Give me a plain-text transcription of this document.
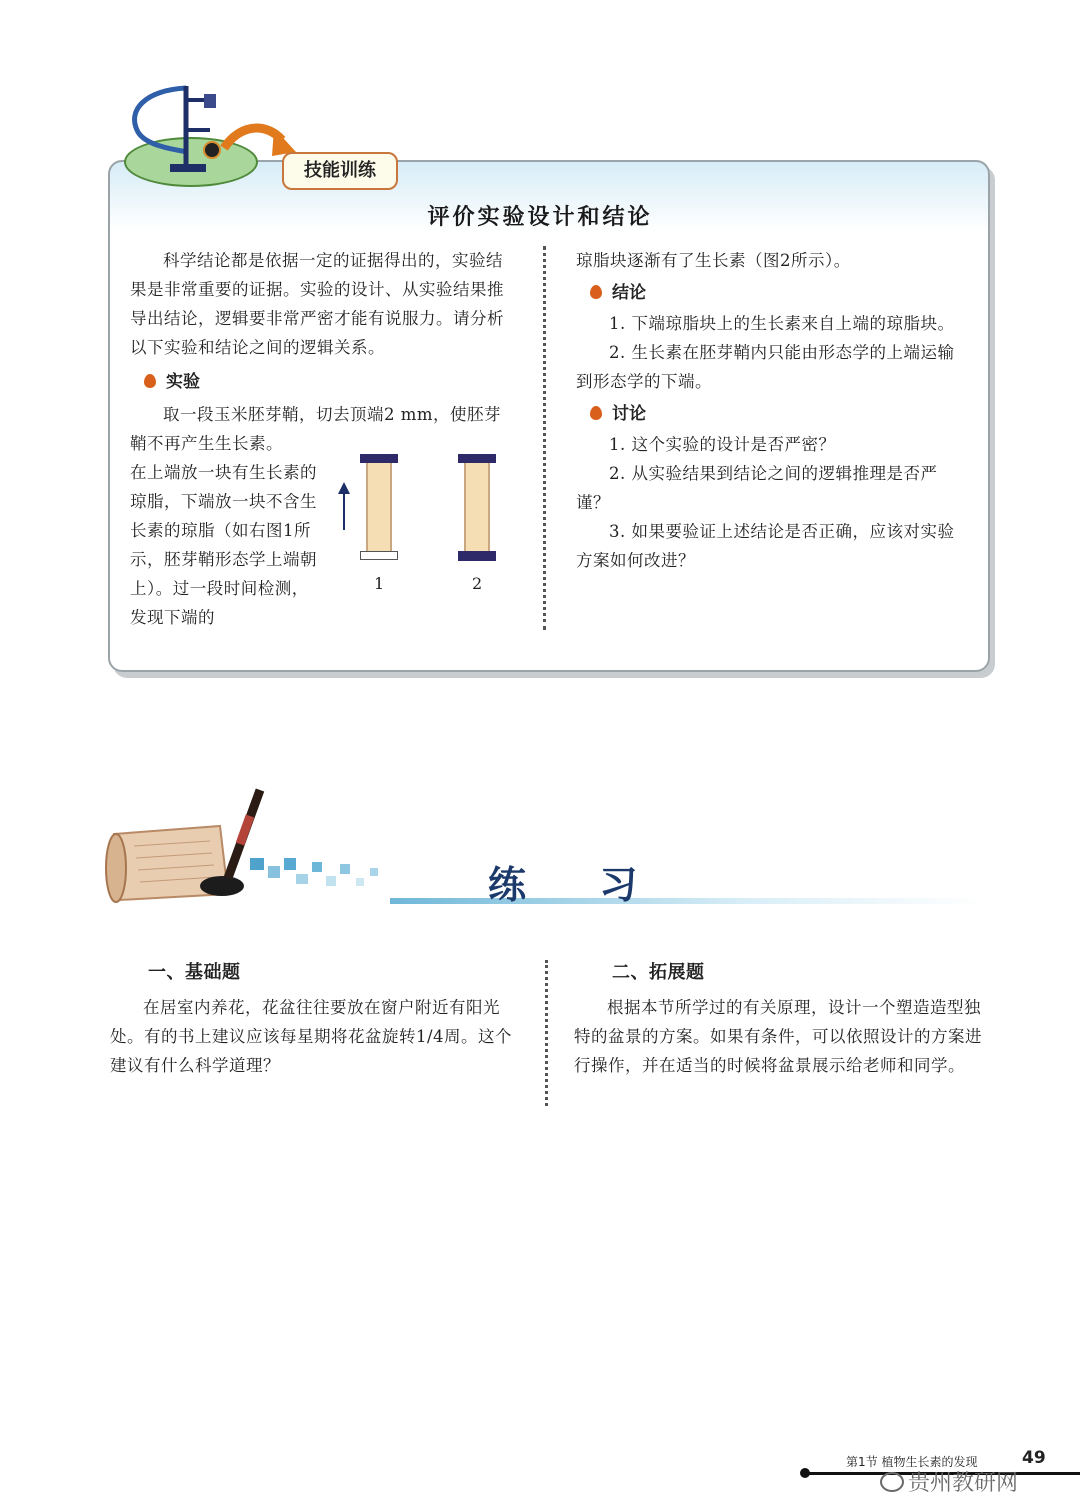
技能训练
评价实验设计和结论

科学结论都是依据一定的证据得出的，实验结果是非常重要的证据。实验的设计、从实验结果推导出结论，逻辑要非常严密才能有说服力。请分析以下实验和结论之间的逻辑关系。

实验
取一段玉米胚芽鞘，切去顶端2 mm，使胚芽鞘不再产生生长素。
在上端放一块有生长素的琼脂，下端放一块不含生长素的琼脂（如右图1所示，胚芽鞘形态学上端朝上）。过一段时间检测，发现下端的
1	2

琼脂块逐渐有了生长素（图2所示）。

结论

1. 下端琼脂块上的生长素来自上端的琼脂块。

2. 生长素在胚芽鞘内只能由形态学的上端运输到形态学的下端。

讨论

1. 这个实验的设计是否严密？

2. 从实验结果到结论之间的逻辑推理是否严谨？

3. 如果要验证上述结论是否正确，应该对实验方案如何改进？

练 习
一、基础题

在居室内养花，花盆往往要放在窗户附近有阳光处。有的书上建议应该每星期将花盆旋转1/4周。这个建议有什么科学道理？

二、拓展题

根据本节所学过的有关原理，设计一个塑造造型独特的盆景的方案。如果有条件，可以依照设计的方案进行操作，并在适当的时候将盆景展示给老师和同学。

第1节 植物生长素的发现	49
贵州教研网
